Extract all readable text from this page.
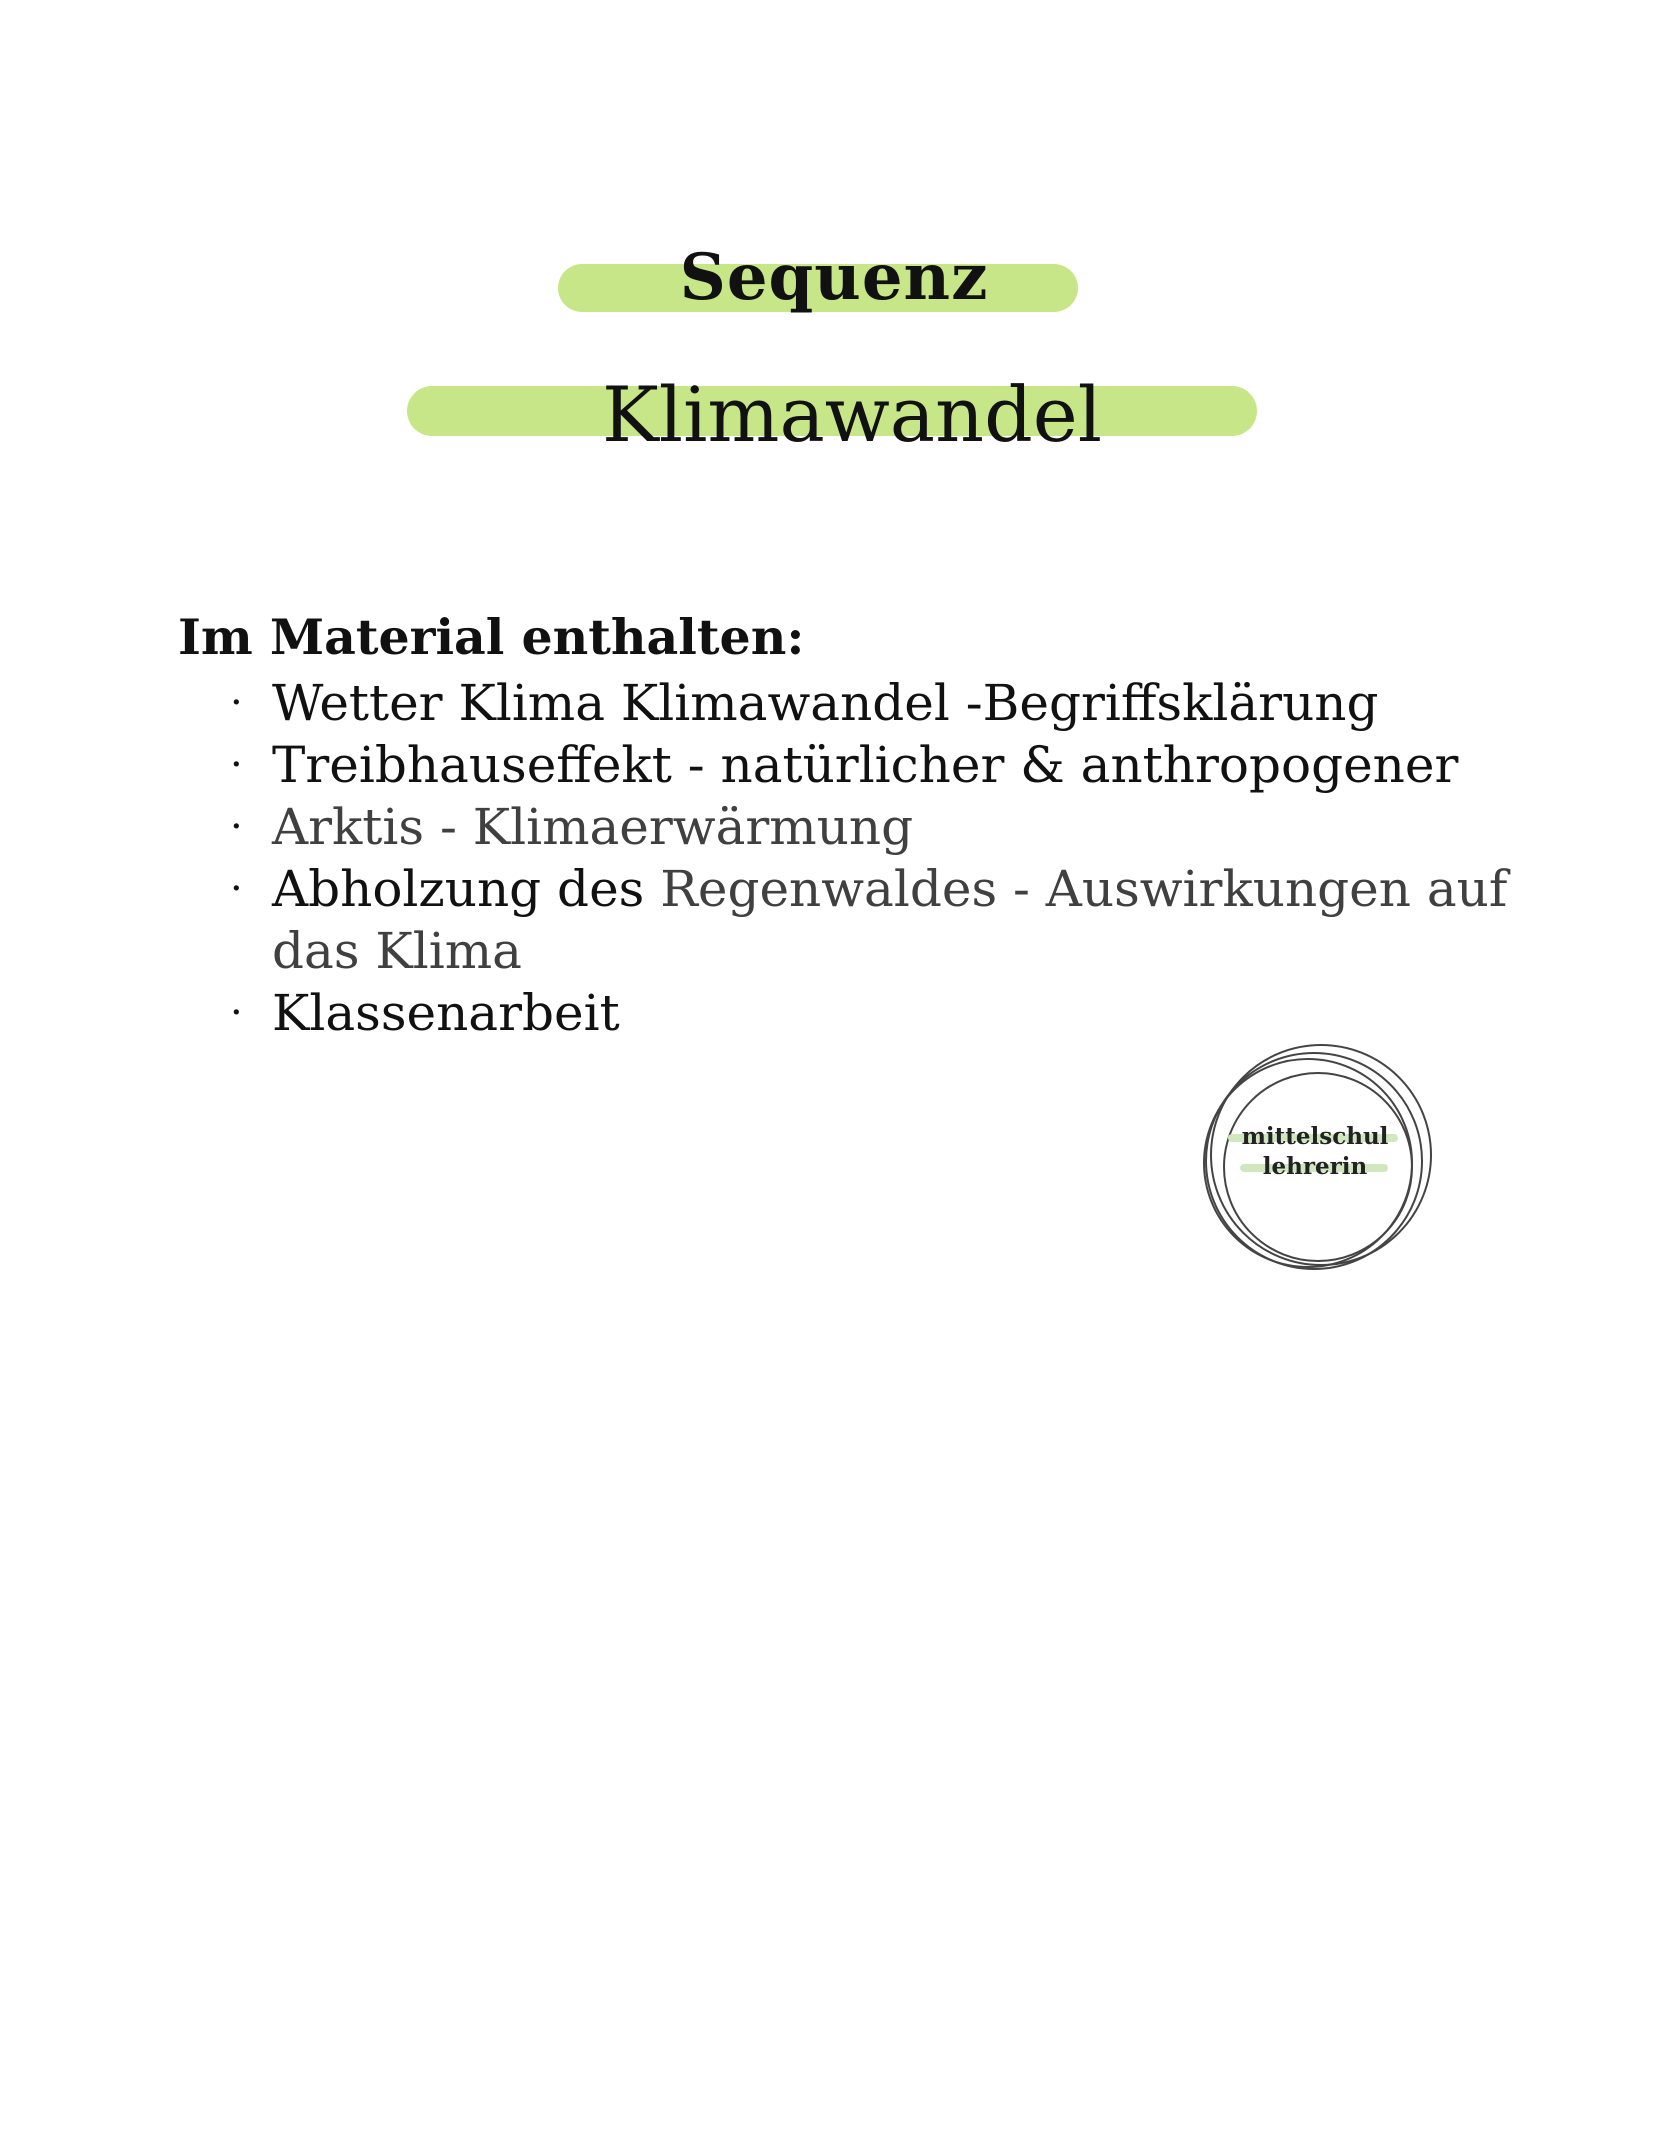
Sequenz
Klimawandel
Im Material enthalten:
· Wetter Klima Klimawandel -Begriffsklärung
· Treibhauseffekt - natürlicher & anthropogener
· Arktis - Klimaerwärmung
· Abholzung des Regenwaldes - Auswirkungen auf das Klima
· Klassenarbeit
mittelschul
lehrerin
